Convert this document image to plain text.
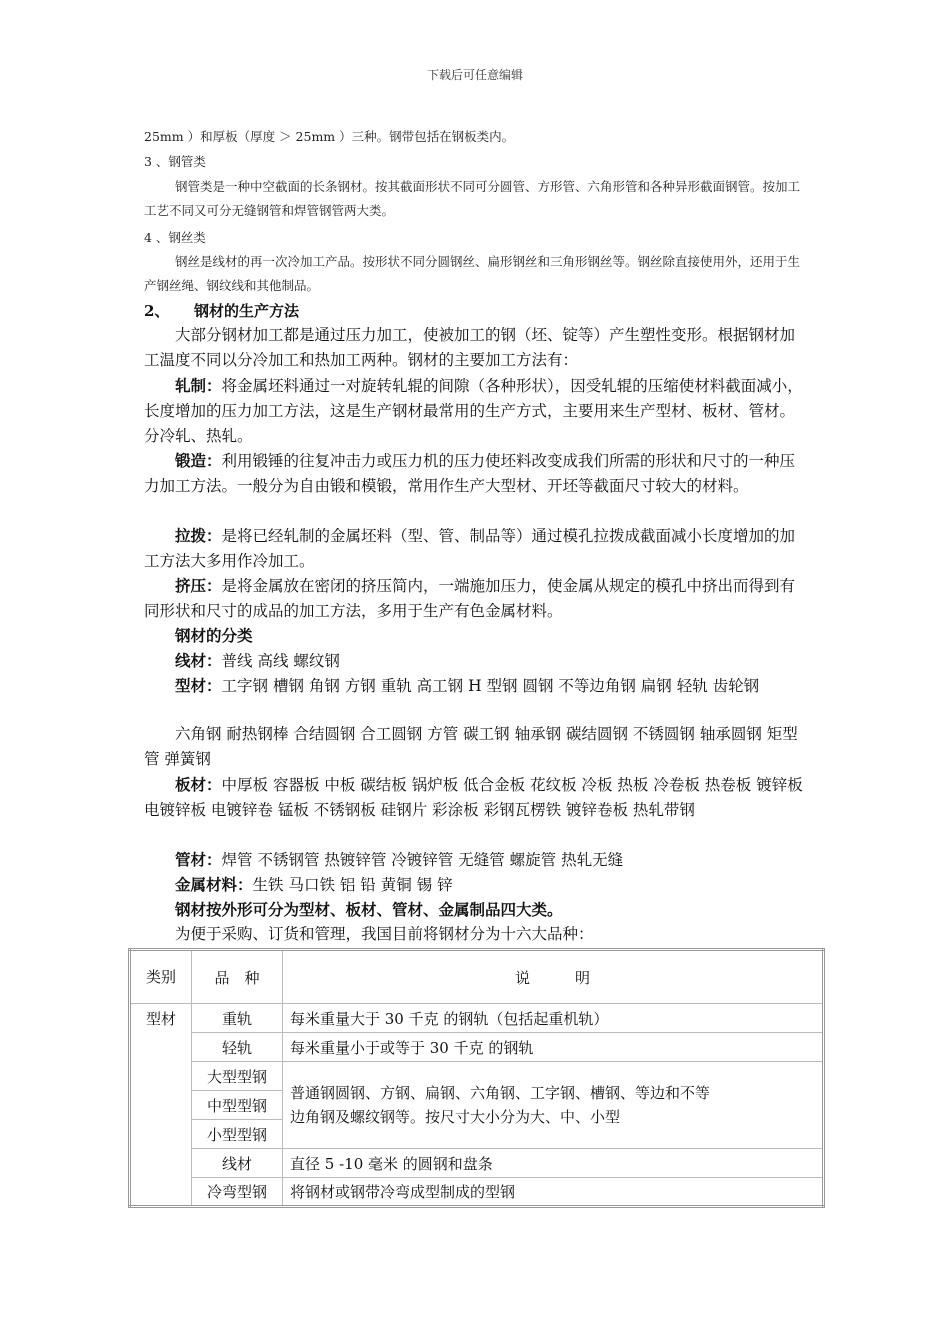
下载后可任意编辑
25mm ）和厚板（厚度 ＞ 25mm ）三种。钢带包括在钢板类内。
3 、钢管类
钢管类是一种中空截面的长条钢材。按其截面形状不同可分圆管、方形管、六角形管和各种异形截面钢管。按加工工艺不同又可分无缝钢管和焊管钢管两大类。
4 、钢丝类
钢丝是线材的再一次冷加工产品。按形状不同分圆钢丝、扁形钢丝和三角形钢丝等。钢丝除直接使用外，还用于生产钢丝绳、钢纹线和其他制品。
2、 钢材的生产方法
大部分钢材加工都是通过压力加工，使被加工的钢（坯、锭等）产生塑性变形。根据钢材加工温度不同以分冷加工和热加工两种。钢材的主要加工方法有：
轧制：将金属坯料通过一对旋转轧辊的间隙（各种形状），因受轧辊的压缩使材料截面减小，长度增加的压力加工方法，这是生产钢材最常用的生产方式，主要用来生产型材、板材、管材。分冷轧、热轧。
锻造：利用锻锤的往复冲击力或压力机的压力使坯料改变成我们所需的形状和尺寸的一种压力加工方法。一般分为自由锻和模锻，常用作生产大型材、开坯等截面尺寸较大的材料。
拉拨：是将已经轧制的金属坯料（型、管、制品等）通过模孔拉拨成截面减小长度增加的加工方法大多用作冷加工。
挤压：是将金属放在密闭的挤压简内，一端施加压力，使金属从规定的模孔中挤出而得到有同形状和尺寸的成品的加工方法，多用于生产有色金属材料。
钢材的分类
线材：普线 高线 螺纹钢
型材：工字钢 槽钢 角钢 方钢 重轨 高工钢 H 型钢 圆钢 不等边角钢 扁钢 轻轨 齿轮钢
六角钢 耐热钢棒 合结圆钢 合工圆钢 方管 碳工钢 轴承钢 碳结圆钢 不锈圆钢 轴承圆钢 矩型管 弹簧钢
板材：中厚板 容器板 中板 碳结板 锅炉板 低合金板 花纹板 冷板 热板 冷卷板 热卷板 镀锌板 电镀锌板 电镀锌卷 锰板 不锈钢板 硅钢片 彩涂板 彩钢瓦楞铁 镀锌卷板 热轧带钢
管材：焊管 不锈钢管 热镀锌管 冷镀锌管 无缝管 螺旋管 热轧无缝
金属材料：生铁 马口铁 铝 铅 黄铜 锡 锌
钢材按外形可分为型材、板材、管材、金属制品四大类。
为便于采购、订货和管理，我国目前将钢材分为十六大品种：
类别	品　种	说　　　明
型材	重轨	每米重量大于 30 千克 的钢轨（包括起重机轨）
	轻轨	每米重量小于或等于 30 千克 的钢轨
	大型型钢	普通钢圆钢、方钢、扁钢、六角钢、工字钢、槽钢、等边和不等边角钢及螺纹钢等。按尺寸大小分为大、中、小型
	中型型钢	
	小型型钢	
	线材	直径 5 -10 毫米 的圆钢和盘条
	冷弯型钢	将钢材或钢带冷弯成型制成的型钢
